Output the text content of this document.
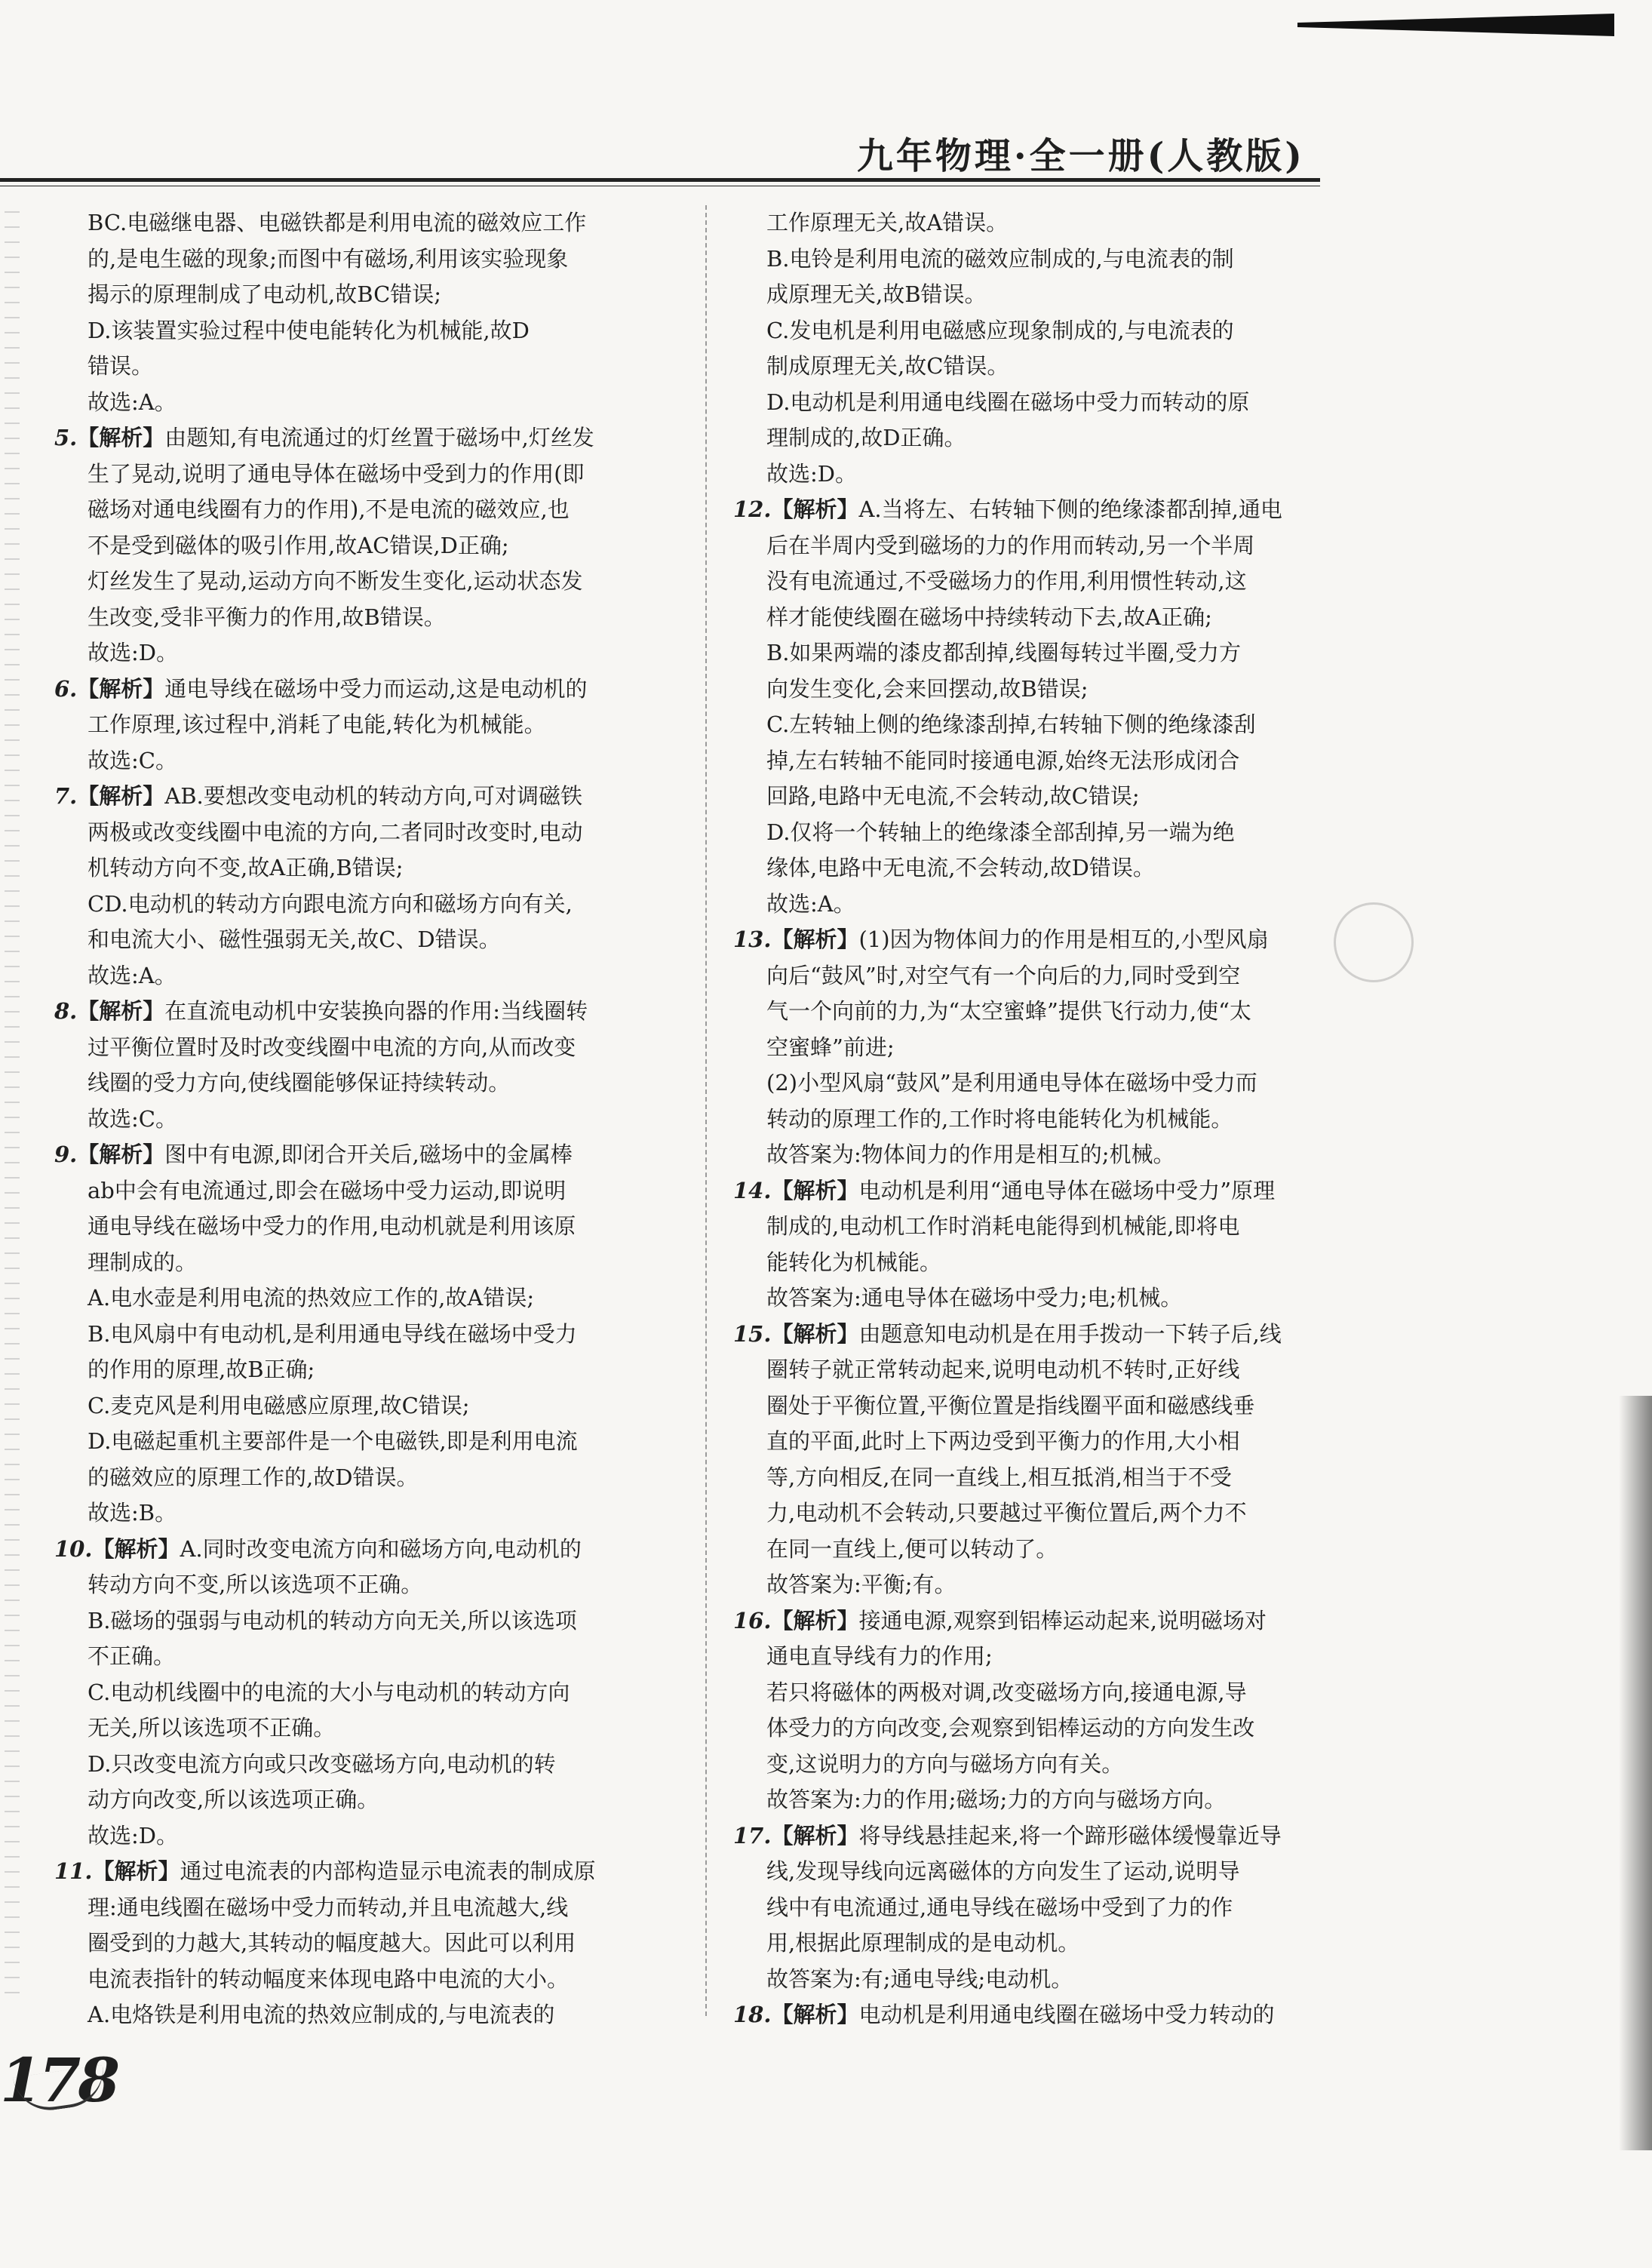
九年物理·全一册(人教版)
BC.电磁继电器、电磁铁都是利用电流的磁效应工作
的,是电生磁的现象;而图中有磁场,利用该实验现象
揭示的原理制成了电动机,故BC错误;
D.该装置实验过程中使电能转化为机械能,故D
错误。
故选:A。
5.【解析】由题知,有电流通过的灯丝置于磁场中,灯丝发
生了晃动,说明了通电导体在磁场中受到力的作用(即
磁场对通电线圈有力的作用),不是电流的磁效应,也
不是受到磁体的吸引作用,故AC错误,D正确;
灯丝发生了晃动,运动方向不断发生变化,运动状态发
生改变,受非平衡力的作用,故B错误。
故选:D。
6.【解析】通电导线在磁场中受力而运动,这是电动机的
工作原理,该过程中,消耗了电能,转化为机械能。
故选:C。
7.【解析】AB.要想改变电动机的转动方向,可对调磁铁
两极或改变线圈中电流的方向,二者同时改变时,电动
机转动方向不变,故A正确,B错误;
CD.电动机的转动方向跟电流方向和磁场方向有关,
和电流大小、磁性强弱无关,故C、D错误。
故选:A。
8.【解析】在直流电动机中安装换向器的作用:当线圈转
过平衡位置时及时改变线圈中电流的方向,从而改变
线圈的受力方向,使线圈能够保证持续转动。
故选:C。
9.【解析】图中有电源,即闭合开关后,磁场中的金属棒
ab中会有电流通过,即会在磁场中受力运动,即说明
通电导线在磁场中受力的作用,电动机就是利用该原
理制成的。
A.电水壶是利用电流的热效应工作的,故A错误;
B.电风扇中有电动机,是利用通电导线在磁场中受力
的作用的原理,故B正确;
C.麦克风是利用电磁感应原理,故C错误;
D.电磁起重机主要部件是一个电磁铁,即是利用电流
的磁效应的原理工作的,故D错误。
故选:B。
10.【解析】A.同时改变电流方向和磁场方向,电动机的
转动方向不变,所以该选项不正确。
B.磁场的强弱与电动机的转动方向无关,所以该选项
不正确。
C.电动机线圈中的电流的大小与电动机的转动方向
无关,所以该选项不正确。
D.只改变电流方向或只改变磁场方向,电动机的转
动方向改变,所以该选项正确。
故选:D。
11.【解析】通过电流表的内部构造显示电流表的制成原
理:通电线圈在磁场中受力而转动,并且电流越大,线
圈受到的力越大,其转动的幅度越大。因此可以利用
电流表指针的转动幅度来体现电路中电流的大小。
A.电烙铁是利用电流的热效应制成的,与电流表的
工作原理无关,故A错误。
B.电铃是利用电流的磁效应制成的,与电流表的制
成原理无关,故B错误。
C.发电机是利用电磁感应现象制成的,与电流表的
制成原理无关,故C错误。
D.电动机是利用通电线圈在磁场中受力而转动的原
理制成的,故D正确。
故选:D。
12.【解析】A.当将左、右转轴下侧的绝缘漆都刮掉,通电
后在半周内受到磁场的力的作用而转动,另一个半周
没有电流通过,不受磁场力的作用,利用惯性转动,这
样才能使线圈在磁场中持续转动下去,故A正确;
B.如果两端的漆皮都刮掉,线圈每转过半圈,受力方
向发生变化,会来回摆动,故B错误;
C.左转轴上侧的绝缘漆刮掉,右转轴下侧的绝缘漆刮
掉,左右转轴不能同时接通电源,始终无法形成闭合
回路,电路中无电流,不会转动,故C错误;
D.仅将一个转轴上的绝缘漆全部刮掉,另一端为绝
缘体,电路中无电流,不会转动,故D错误。
故选:A。
13.【解析】(1)因为物体间力的作用是相互的,小型风扇
向后“鼓风”时,对空气有一个向后的力,同时受到空
气一个向前的力,为“太空蜜蜂”提供飞行动力,使“太
空蜜蜂”前进;
(2)小型风扇“鼓风”是利用通电导体在磁场中受力而
转动的原理工作的,工作时将电能转化为机械能。
故答案为:物体间力的作用是相互的;机械。
14.【解析】电动机是利用“通电导体在磁场中受力”原理
制成的,电动机工作时消耗电能得到机械能,即将电
能转化为机械能。
故答案为:通电导体在磁场中受力;电;机械。
15.【解析】由题意知电动机是在用手拨动一下转子后,线
圈转子就正常转动起来,说明电动机不转时,正好线
圈处于平衡位置,平衡位置是指线圈平面和磁感线垂
直的平面,此时上下两边受到平衡力的作用,大小相
等,方向相反,在同一直线上,相互抵消,相当于不受
力,电动机不会转动,只要越过平衡位置后,两个力不
在同一直线上,便可以转动了。
故答案为:平衡;有。
16.【解析】接通电源,观察到铝棒运动起来,说明磁场对
通电直导线有力的作用;
若只将磁体的两极对调,改变磁场方向,接通电源,导
体受力的方向改变,会观察到铝棒运动的方向发生改
变,这说明力的方向与磁场方向有关。
故答案为:力的作用;磁场;力的方向与磁场方向。
17.【解析】将导线悬挂起来,将一个蹄形磁体缓慢靠近导
线,发现导线向远离磁体的方向发生了运动,说明导
线中有电流通过,通电导线在磁场中受到了力的作
用,根据此原理制成的是电动机。
故答案为:有;通电导线;电动机。
18.【解析】电动机是利用通电线圈在磁场中受力转动的
178
